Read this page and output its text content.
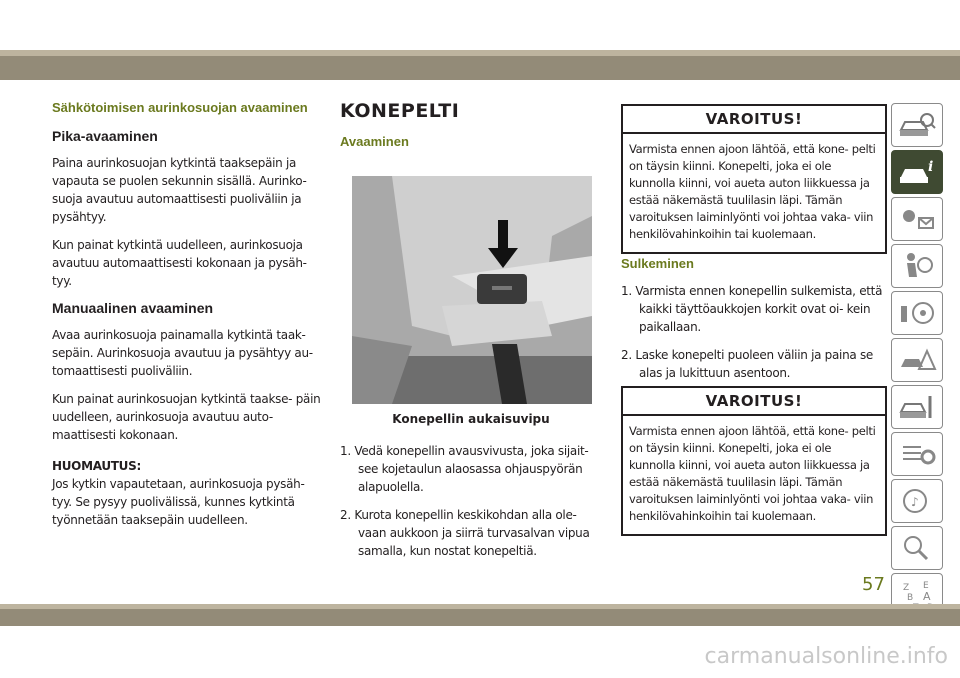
Sähkötoimisen aurinkosuojan avaaminen
Pika-avaaminen

Paina aurinkosuojan kytkintä taaksepäin ja vapauta se puolen sekunnin sisällä. Aurinko- suoja avautuu automaattisesti puoliväliin ja pysähtyy.

Kun painat kytkintä uudelleen, aurinkosuoja avautuu automaattisesti kokonaan ja pysäh- tyy.

Manuaalinen avaaminen

Avaa aurinkosuoja painamalla kytkintä taak- sepäin. Aurinkosuoja avautuu ja pysähtyy au- tomaattisesti puoliväliin.

Kun painat aurinkosuojan kytkintä taakse- päin uudelleen, aurinkosuoja avautuu auto- maattisesti kokonaan.

HUOMAUTUS:
Jos kytkin vapautetaan, aurinkosuoja pysäh- tyy. Se pysyy puolivälissä, kunnes kytkintä työnnetään taaksepäin uudelleen.
KONEPELTI
Avaaminen
Konepellin aukaisuvipu
1. Vedä konepellin avausvivusta, joka sijait- see kojetaulun alaosassa ohjauspyörän alapuolella.
2. Kurota konepellin keskikohdan alla ole- vaan aukkoon ja siirrä turvasalvan vipua samalla, kun nostat konepeltiä.
VAROITUS!
Varmista ennen ajoon lähtöä, että kone- pelti on täysin kiinni. Konepelti, joka ei ole kunnolla kiinni, voi aueta auton liikkuessa ja estää näkemästä tuulilasin läpi. Tämän varoituksen laiminlyönti voi johtaa vaka- viin henkilövahinkoihin tai kuolemaan.
Sulkeminen
1. Varmista ennen konepellin sulkemista, että kaikki täyttöaukkojen korkit ovat oi- kein paikallaan.
2. Laske konepelti puoleen väliin ja paina se alas ja lukittuun asentoon.
VAROITUS!
Varmista ennen ajoon lähtöä, että kone- pelti on täysin kiinni. Konepelti, joka ei ole kunnolla kiinni, voi aueta auton liikkuessa ja estää näkemästä tuulilasin läpi. Tämän varoituksen laiminlyönti voi johtaa vaka- viin henkilövahinkoihin tai kuolemaan.
i
♪
Z E
B A
57
carmanualsonline.info
